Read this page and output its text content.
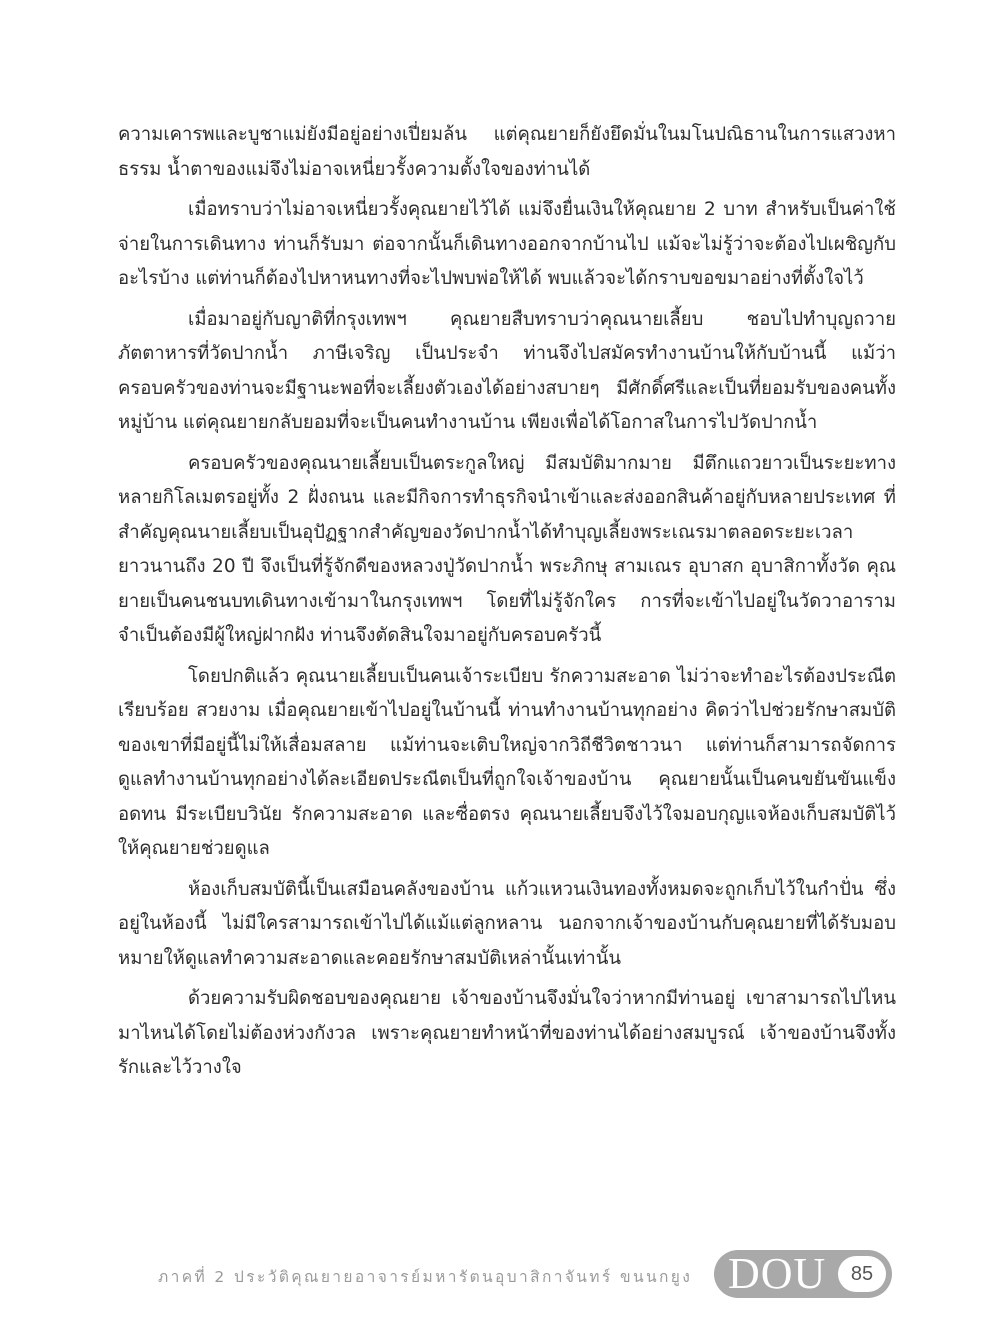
ความเคารพและบูชาแม่ยังมีอยู่อย่างเปี่ยมล้น แต่คุณยายก็ยังยึดมั่นในมโนปณิธานในการแสวงหาธรรม น้ำตาของแม่จึงไม่อาจเหนี่ยวรั้งความตั้งใจของท่านได้

เมื่อทราบว่าไม่อาจเหนี่ยวรั้งคุณยายไว้ได้ แม่จึงยื่นเงินให้คุณยาย 2 บาท สำหรับเป็นค่าใช้จ่ายในการเดินทาง ท่านก็รับมา ต่อจากนั้นก็เดินทางออกจากบ้านไป แม้จะไม่รู้ว่าจะต้องไปเผชิญกับอะไรบ้าง แต่ท่านก็ต้องไปหาหนทางที่จะไปพบพ่อให้ได้ พบแล้วจะได้กราบขอขมาอย่างที่ตั้งใจไว้

เมื่อมาอยู่กับญาติที่กรุงเทพฯ คุณยายสืบทราบว่าคุณนายเลี้ยบ ชอบไปทำบุญถวายภัตตาหารที่วัดปากน้ำ ภาษีเจริญ เป็นประจำ ท่านจึงไปสมัครทำงานบ้านให้กับบ้านนี้ แม้ว่าครอบครัวของท่านจะมีฐานะพอที่จะเลี้ยงตัวเองได้อย่างสบายๆ มีศักดิ์ศรีและเป็นที่ยอมรับของคนทั้งหมู่บ้าน แต่คุณยายกลับยอมที่จะเป็นคนทำงานบ้าน เพียงเพื่อได้โอกาสในการไปวัดปากน้ำ

ครอบครัวของคุณนายเลี้ยบเป็นตระกูลใหญ่ มีสมบัติมากมาย มีตึกแถวยาวเป็นระยะทางหลายกิโลเมตรอยู่ทั้ง 2 ฝั่งถนน และมีกิจการทำธุรกิจนำเข้าและส่งออกสินค้าอยู่กับหลายประเทศ ที่สำคัญคุณนายเลี้ยบเป็นอุปัฏฐากสำคัญของวัดปากน้ำได้ทำบุญเลี้ยงพระเณรมาตลอดระยะเวลายาวนานถึง 20 ปี จึงเป็นที่รู้จักดีของหลวงปู่วัดปากน้ำ พระภิกษุ สามเณร อุบาสก อุบาสิกาทั้งวัด คุณยายเป็นคนชนบทเดินทางเข้ามาในกรุงเทพฯ โดยที่ไม่รู้จักใคร การที่จะเข้าไปอยู่ในวัดวาอารามจำเป็นต้องมีผู้ใหญ่ฝากฝัง ท่านจึงตัดสินใจมาอยู่กับครอบครัวนี้

โดยปกติแล้ว คุณนายเลี้ยบเป็นคนเจ้าระเบียบ รักความสะอาด ไม่ว่าจะทำอะไรต้องประณีตเรียบร้อย สวยงาม เมื่อคุณยายเข้าไปอยู่ในบ้านนี้ ท่านทำงานบ้านทุกอย่าง คิดว่าไปช่วยรักษาสมบัติของเขาที่มีอยู่นี้ไม่ให้เสื่อมสลาย แม้ท่านจะเติบใหญ่จากวิถีชีวิตชาวนา แต่ท่านก็สามารถจัดการดูแลทำงานบ้านทุกอย่างได้ละเอียดประณีตเป็นที่ถูกใจเจ้าของบ้าน คุณยายนั้นเป็นคนขยันขันแข็ง อดทน มีระเบียบวินัย รักความสะอาด และซื่อตรง คุณนายเลี้ยบจึงไว้ใจมอบกุญแจห้องเก็บสมบัติไว้ให้คุณยายช่วยดูแล

ห้องเก็บสมบัตินี้เป็นเสมือนคลังของบ้าน แก้วแหวนเงินทองทั้งหมดจะถูกเก็บไว้ในกำปั่น ซึ่งอยู่ในห้องนี้ ไม่มีใครสามารถเข้าไปได้แม้แต่ลูกหลาน นอกจากเจ้าของบ้านกับคุณยายที่ได้รับมอบหมายให้ดูแลทำความสะอาดและคอยรักษาสมบัติเหล่านั้นเท่านั้น

ด้วยความรับผิดชอบของคุณยาย เจ้าของบ้านจึงมั่นใจว่าหากมีท่านอยู่ เขาสามารถไปไหนมาไหนได้โดยไม่ต้องห่วงกังวล เพราะคุณยายทำหน้าที่ของท่านได้อย่างสมบูรณ์ เจ้าของบ้านจึงทั้งรักและไว้วางใจ

ภาคที่ 2 ประวัติคุณยายอาจารย์มหารัตนอุบาสิกาจันทร์ ขนนกยูง DOU	85
